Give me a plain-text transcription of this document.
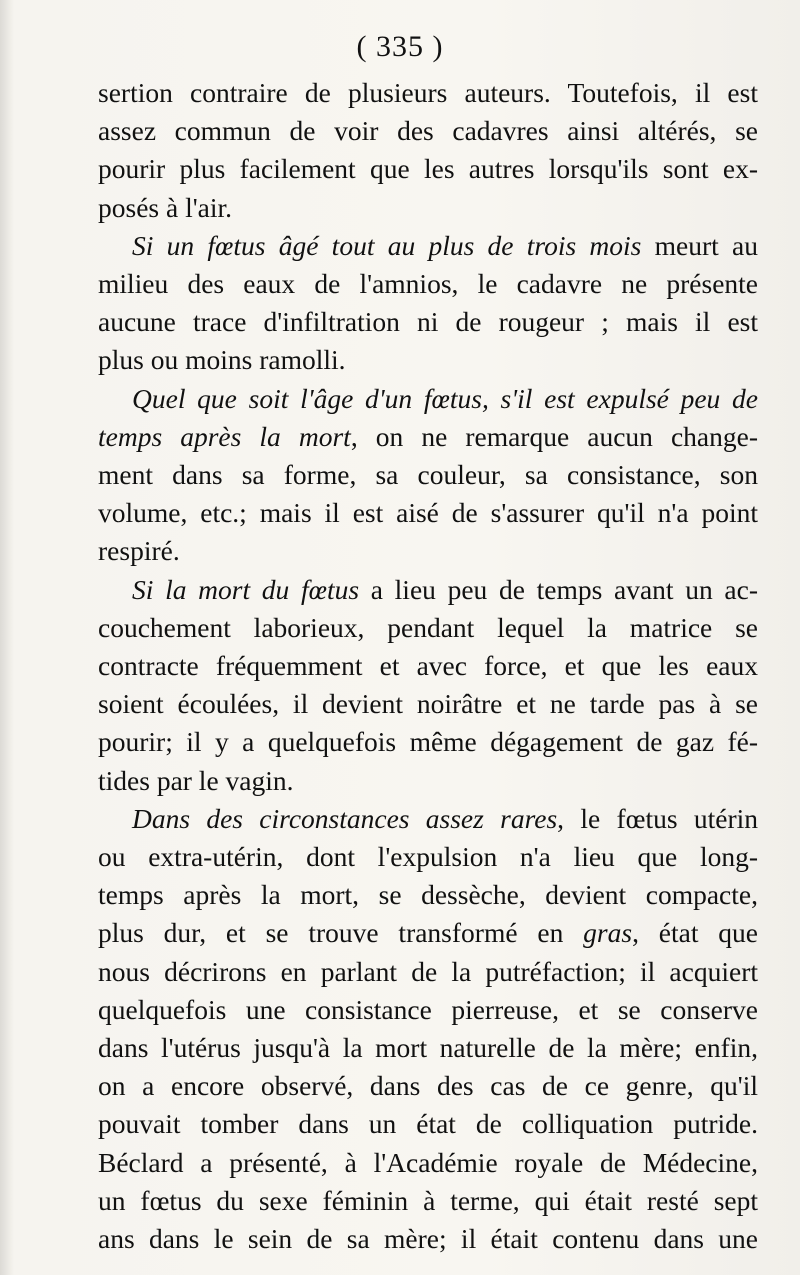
( 335 )
sertion contraire de plusieurs auteurs. Toutefois, il est
assez commun de voir des cadavres ainsi altérés, se
pourir plus facilement que les autres lorsqu'ils sont ex-
posés à l'air.
Si un fœtus âgé tout au plus de trois mois meurt au
milieu des eaux de l'amnios, le cadavre ne présente
aucune trace d'infiltration ni de rougeur ; mais il est
plus ou moins ramolli.
Quel que soit l'âge d'un fœtus, s'il est expulsé peu de
temps après la mort, on ne remarque aucun change-
ment dans sa forme, sa couleur, sa consistance, son
volume, etc.; mais il est aisé de s'assurer qu'il n'a point
respiré.
Si la mort du fœtus a lieu peu de temps avant un ac-
couchement laborieux, pendant lequel la matrice se
contracte fréquemment et avec force, et que les eaux
soient écoulées, il devient noirâtre et ne tarde pas à se
pourir; il y a quelquefois même dégagement de gaz fé-
tides par le vagin.
Dans des circonstances assez rares, le fœtus utérin
ou extra-utérin, dont l'expulsion n'a lieu que long-
temps après la mort, se dessèche, devient compacte,
plus dur, et se trouve transformé en gras, état que
nous décrirons en parlant de la putréfaction; il acquiert
quelquefois une consistance pierreuse, et se conserve
dans l'utérus jusqu'à la mort naturelle de la mère; enfin,
on a encore observé, dans des cas de ce genre, qu'il
pouvait tomber dans un état de colliquation putride.
Béclard a présenté, à l'Académie royale de Médecine,
un fœtus du sexe féminin à terme, qui était resté sept
ans dans le sein de sa mère; il était contenu dans une
